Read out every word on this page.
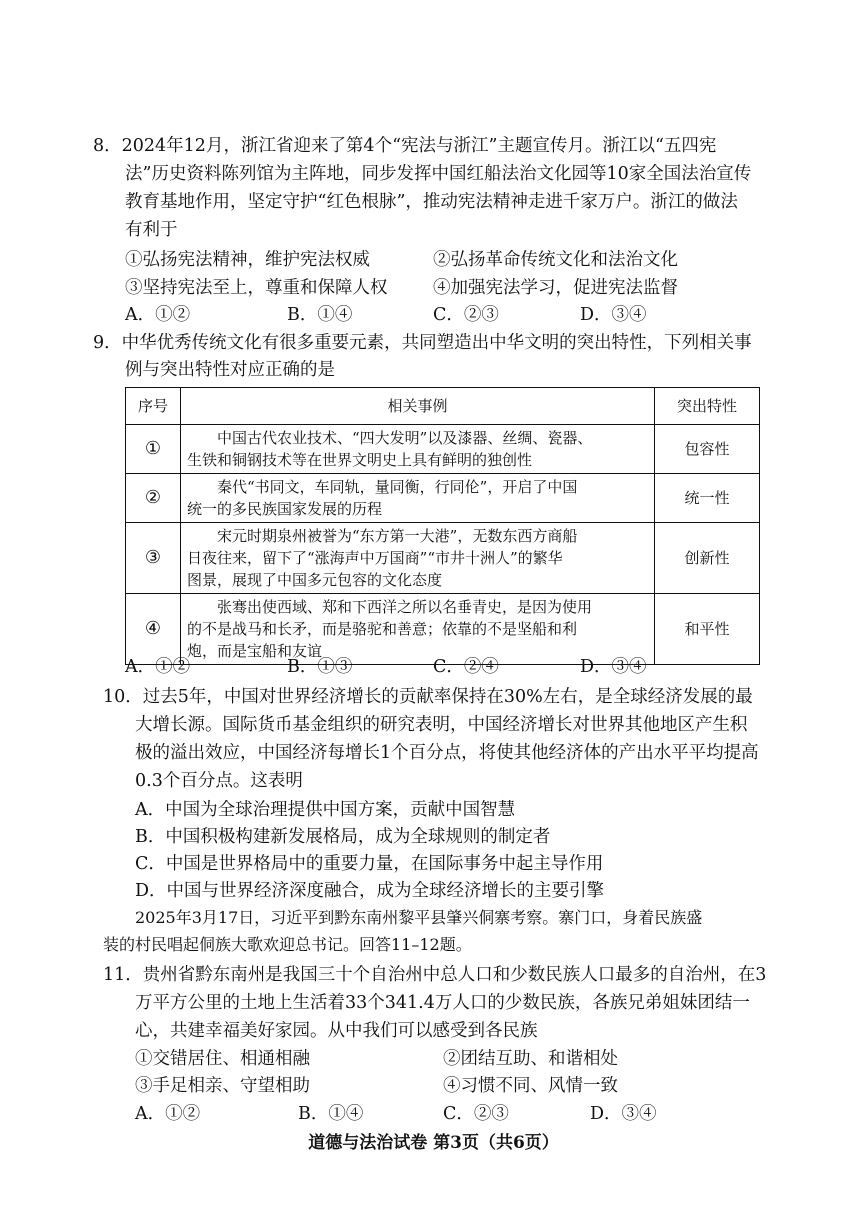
8．2024年12月，浙江省迎来了第4个“宪法与浙江”主题宣传月。浙江以“五四宪
法”历史资料陈列馆为主阵地，同步发挥中国红船法治文化园等10家全国法治宣传
教育基地作用，坚定守护“红色根脉”，推动宪法精神走进千家万户。浙江的做法
有利于
①弘扬宪法精神，维护宪法权威	②弘扬革命传统文化和法治文化
③坚持宪法至上，尊重和保障人权	④加强宪法学习，促进宪法监督
A．①②	B．①④	C．②③	D．③④
9．中华优秀传统文化有很多重要元素，共同塑造出中华文明的突出特性，下列相关事
例与突出特性对应正确的是
序号	相关事例	突出特性
①	中国古代农业技术、“四大发明”以及漆器、丝绸、瓷器、
生铁和铜钢技术等在世界文明史上具有鲜明的独创性	包容性
②	秦代“书同文，车同轨，量同衡，行同伦”，开启了中国
统一的多民族国家发展的历程	统一性
③	宋元时期泉州被誉为“东方第一大港”，无数东西方商船
日夜往来，留下了“涨海声中万国商”“市井十洲人”的繁华
图景，展现了中国多元包容的文化态度	创新性
④	张骞出使西域、郑和下西洋之所以名垂青史，是因为使用
的不是战马和长矛，而是骆驼和善意；依靠的不是坚船和利
炮，而是宝船和友谊	和平性
A．①②	B．①③	C．②④	D．③④
10．过去5年，中国对世界经济增长的贡献率保持在30%左右，是全球经济发展的最
大增长源。国际货币基金组织的研究表明，中国经济增长对世界其他地区产生积
极的溢出效应，中国经济每增长1个百分点，将使其他经济体的产出水平平均提高
0.3个百分点。这表明
A．中国为全球治理提供中国方案，贡献中国智慧
B．中国积极构建新发展格局，成为全球规则的制定者
C．中国是世界格局中的重要力量，在国际事务中起主导作用
D．中国与世界经济深度融合，成为全球经济增长的主要引擎
2025年3月17日，习近平到黔东南州黎平县肇兴侗寨考察。寨门口，身着民族盛
装的村民唱起侗族大歌欢迎总书记。回答11–12题。
11．贵州省黔东南州是我国三十个自治州中总人口和少数民族人口最多的自治州，在3
万平方公里的土地上生活着33个341.4万人口的少数民族，各族兄弟姐妹团结一
心，共建幸福美好家园。从中我们可以感受到各民族
①交错居住、相通相融	②团结互助、和谐相处
③手足相亲、守望相助	④习惯不同、风情一致
A．①②	B．①④	C．②③	D．③④
道德与法治试卷 第3页（共6页）
